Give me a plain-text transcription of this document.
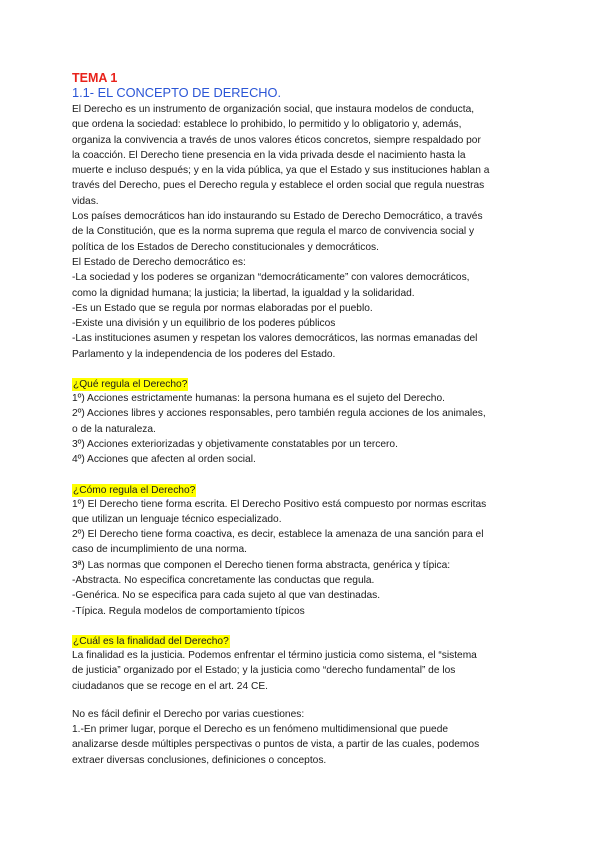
TEMA 1

1.1- EL CONCEPTO DE DERECHO.

El Derecho es un instrumento de organización social, que instaura modelos de conducta,

que ordena la sociedad: establece lo prohibido, lo permitido y lo obligatorio y, además,

organiza la convivencia a través de unos valores éticos concretos, siempre respaldado por

la coacción. El Derecho tiene presencia en la vida privada desde el nacimiento hasta la

muerte e incluso después; y en la vida pública, ya que el Estado y sus instituciones hablan a

través del Derecho, pues el Derecho regula y establece el orden social que regula nuestras

vidas.

Los países democráticos han ido instaurando su Estado de Derecho Democrático, a través

de la Constitución, que es la norma suprema que regula el marco de convivencia social y

política de los Estados de Derecho constitucionales y democráticos.

El Estado de Derecho democrático es:

-La sociedad y los poderes se organizan “democráticamente” con valores democráticos,

como la dignidad humana; la justicia; la libertad, la igualdad y la solidaridad.

-Es un Estado que se regula por normas elaboradas por el pueblo.

-Existe una división y un equilibrio de los poderes públicos

-Las instituciones asumen y respetan los valores democráticos, las normas emanadas del

Parlamento y la independencia de los poderes del Estado.

¿Qué regula el Derecho?

1º) Acciones estrictamente humanas: la persona humana es el sujeto del Derecho.

2º) Acciones libres y acciones responsables, pero también regula acciones de los animales,

o de la naturaleza.

3º) Acciones exteriorizadas y objetivamente constatables por un tercero.

4º) Acciones que afecten al orden social.

¿Cómo regula el Derecho?

1º) El Derecho tiene forma escrita. El Derecho Positivo está compuesto por normas escritas

que utilizan un lenguaje técnico especializado.

2º) El Derecho tiene forma coactiva, es decir, establece la amenaza de una sanción para el

caso de incumplimiento de una norma.

3ª) Las normas que componen el Derecho tienen forma abstracta, genérica y típica:

-Abstracta. No especifica concretamente las conductas que regula.

-Genérica. No se especifica para cada sujeto al que van destinadas.

-Típica. Regula modelos de comportamiento típicos

¿Cuál es la finalidad del Derecho?

La finalidad es la justicia. Podemos enfrentar el término justicia como sistema, el “sistema

de justicia” organizado por el Estado; y la justicia como “derecho fundamental” de los

ciudadanos que se recoge en el art. 24 CE.

No es fácil definir el Derecho por varias cuestiones:

1.-En primer lugar, porque el Derecho es un fenómeno multidimensional que puede

analizarse desde múltiples perspectivas o puntos de vista, a partir de las cuales, podemos

extraer diversas conclusiones, definiciones o conceptos.
